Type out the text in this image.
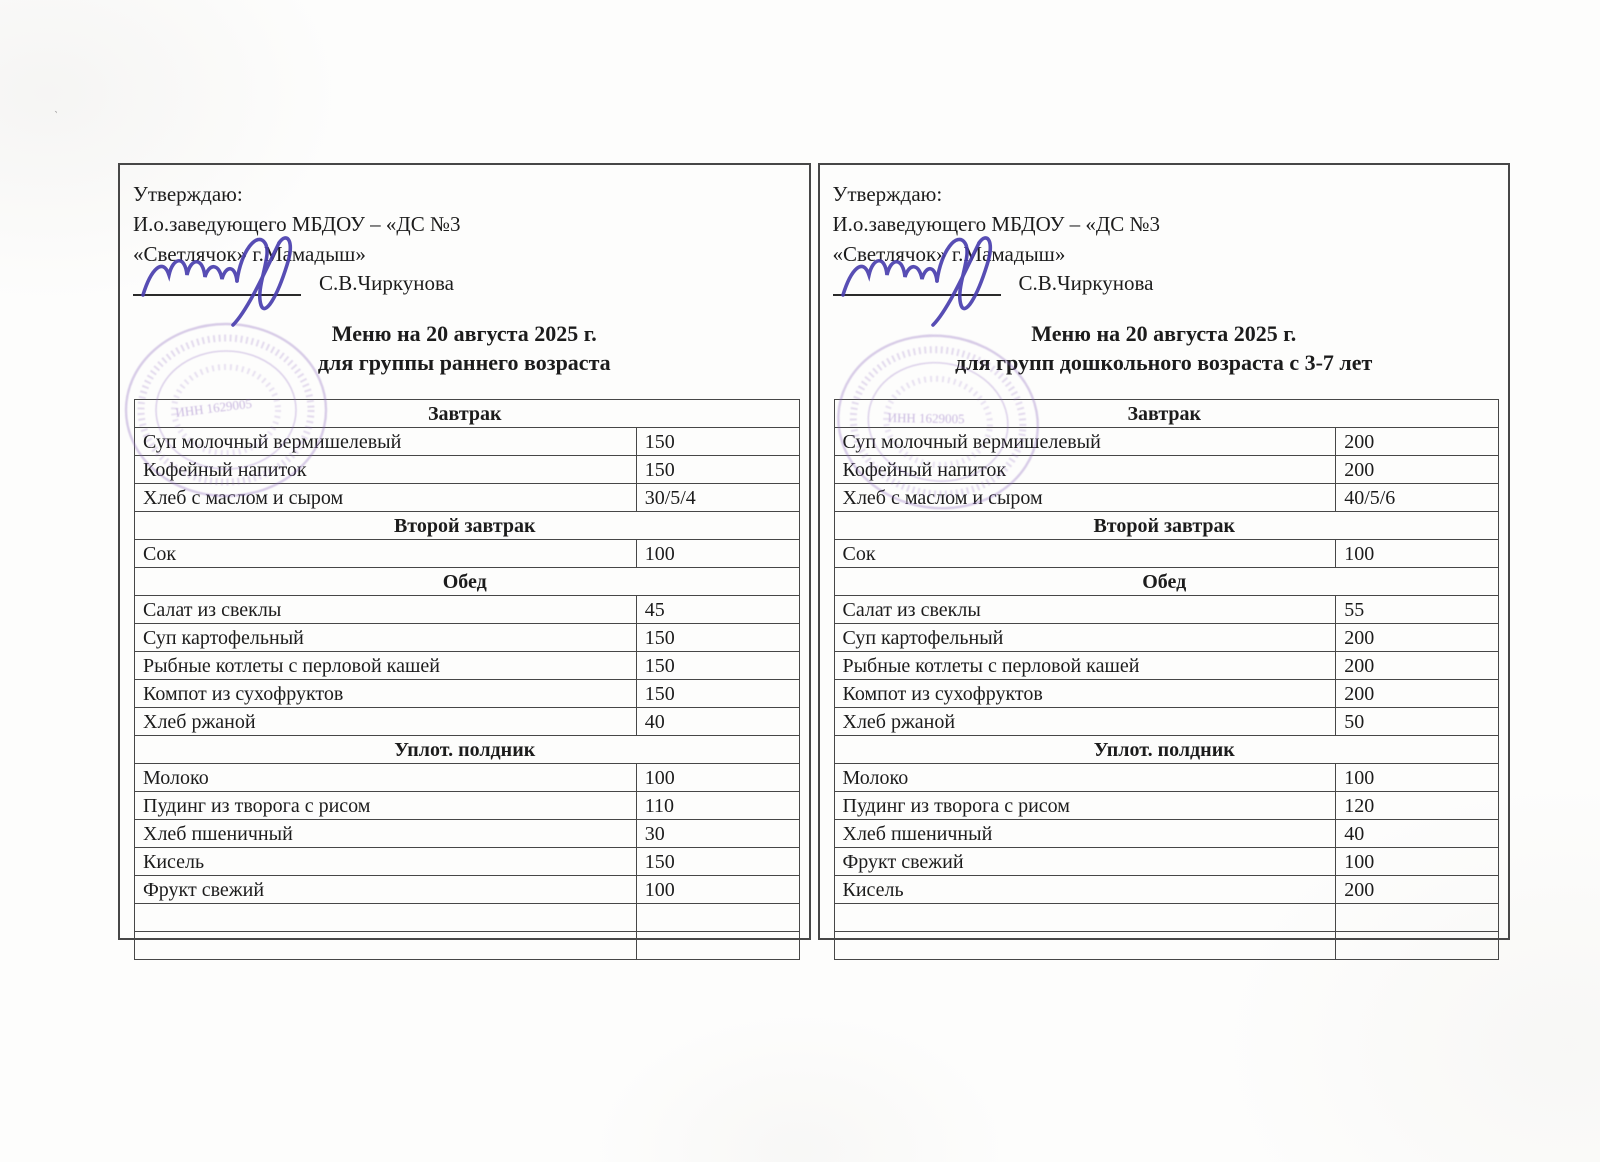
`
Утверждаю:
И.о.заведующего МБДОУ – «ДС №3
«Светлячок» г.Мамадыш»
С.В.Чиркунова
ИНН 1629005
Меню на 20 августа 2025 г.
для группы раннего возраста
Завтрак	
Суп молочный вермишелевый	150
Кофейный напиток	150
Хлеб с маслом и сыром	30/5/4
Второй завтрак	
Сок	100
Обед	
Салат из свеклы	45
Суп картофельный	150
Рыбные котлеты с перловой кашей	150
Компот из сухофруктов	150
Хлеб ржаной	40
Уплот. полдник	
Молоко	100
Пудинг из творога с рисом	110
Хлеб пшеничный	30
Кисель	150
Фрукт свежий	100

Утверждаю:
И.о.заведующего МБДОУ – «ДС №3
«Светлячок» г.Мамадыш»
С.В.Чиркунова
ИНН 1629005
Меню на 20 августа 2025 г.
для групп дошкольного возраста с 3-7 лет
Завтрак	
Суп молочный вермишелевый	200
Кофейный напиток	200
Хлеб с маслом и сыром	40/5/6
Второй завтрак	
Сок	100
Обед	
Салат из свеклы	55
Суп картофельный	200
Рыбные котлеты с перловой кашей	200
Компот из сухофруктов	200
Хлеб ржаной	50
Уплот. полдник	
Молоко	100
Пудинг из творога с рисом	120
Хлеб пшеничный	40
Фрукт свежий	100
Кисель	200
